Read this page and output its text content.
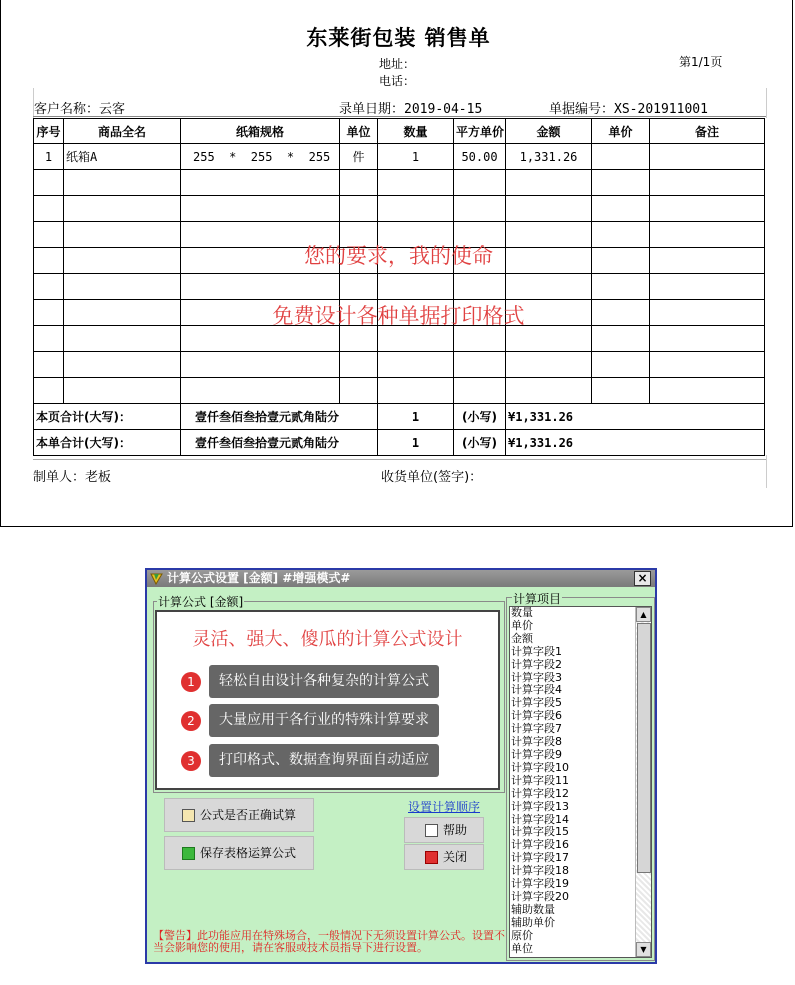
东莱街包装 销售单
第1/1页
地址：
电话：
客户名称：云客	录单日期：2019-04-15	单据编号：XS-201911001
序号	商品全名	纸箱规格	单位	数量	平方单价	金额	单价	备注
1	纸箱A	255  *  255  *  255	件	1	50.00	1,331.26		

本页合计(大写)：		壹仟叁佰叁拾壹元贰角陆分		1	(小写)	¥1,331.26		
本单合计(大写)：		壹仟叁佰叁拾壹元贰角陆分		1	(小写)	¥1,331.26		
您的要求，我的使命
免费设计各种单据打印格式
制单人：老板	收货单位(签字)：
计算公式设置 [金额] #增强模式#	×
计算公式 [金额]
灵活、强大、傻瓜的计算公式设计
1	轻松自由设计各种复杂的计算公式
2	大量应用于各行业的特殊计算要求
3	打印格式、数据查询界面自动适应
计算项目
数量
单价
金额
计算字段1
计算字段2
计算字段3
计算字段4
计算字段5
计算字段6
计算字段7
计算字段8
计算字段9
计算字段10
计算字段11
计算字段12
计算字段13
计算字段14
计算字段15
计算字段16
计算字段17
计算字段18
计算字段19
计算字段20
辅助数量
辅助单价
原价
单位
▲
▼
公式是否正确试算
保存表格运算公式
设置计算顺序
帮助
关闭
【警告】此功能应用在特殊场合，一般情况下无须设置计算公式。设置不当会影响您的使用，请在客服或技术员指导下进行设置。
